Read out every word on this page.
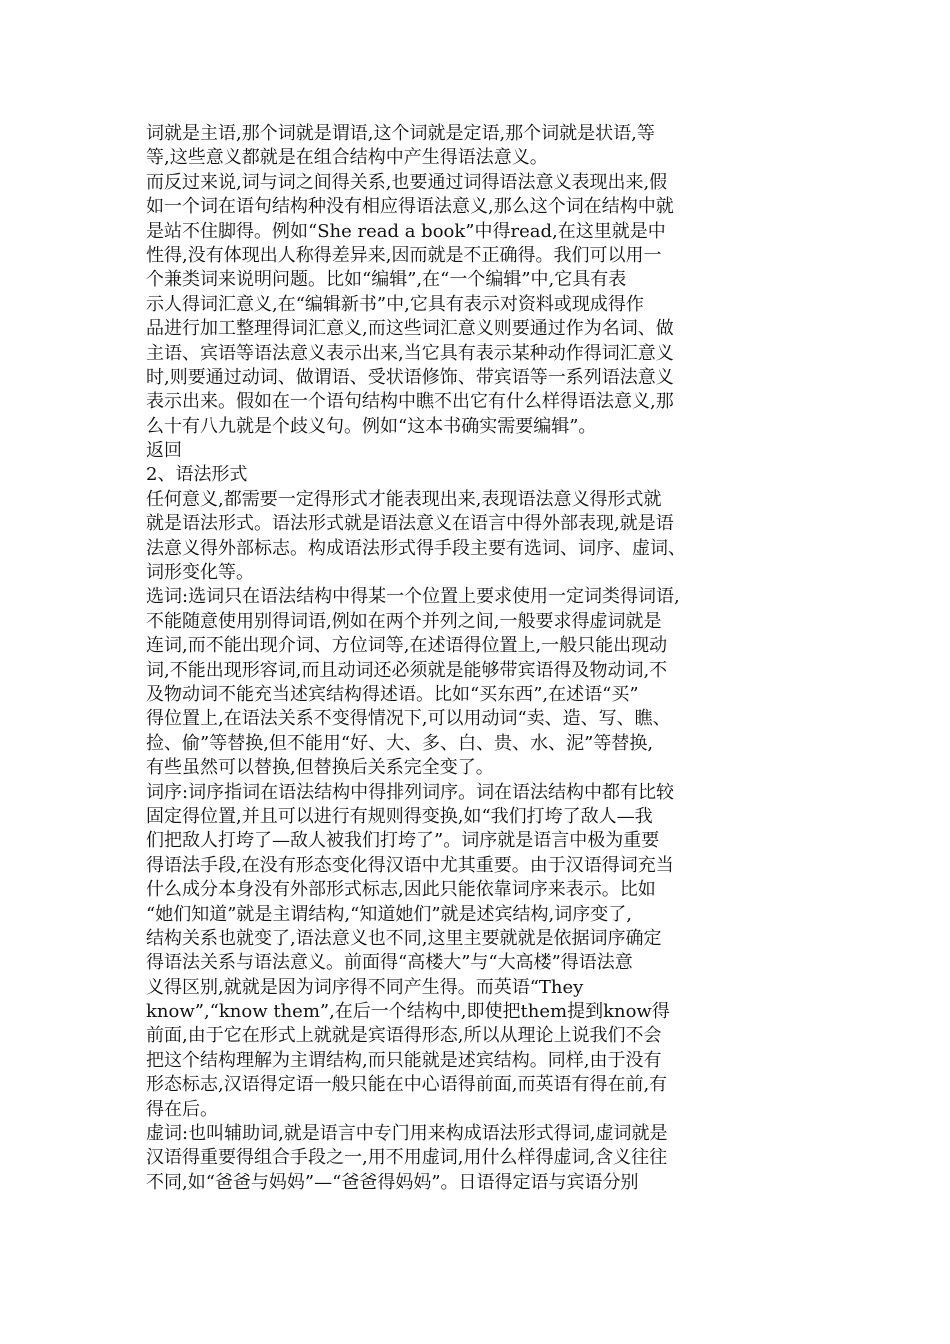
词就是主语,那个词就是谓语,这个词就是定语,那个词就是状语,等
等,这些意义都就是在组合结构中产生得语法意义。
而反过来说,词与词之间得关系,也要通过词得语法意义表现出来,假
如一个词在语句结构种没有相应得语法意义,那么这个词在结构中就
是站不住脚得。例如“She read a book”中得read,在这里就是中
性得,没有体现出人称得差异来,因而就是不正确得。我们可以用一
个兼类词来说明问题。比如“编辑”,在“一个编辑”中,它具有表
示人得词汇意义,在“编辑新书”中,它具有表示对资料或现成得作
品进行加工整理得词汇意义,而这些词汇意义则要通过作为名词、做
主语、宾语等语法意义表示出来,当它具有表示某种动作得词汇意义
时,则要通过动词、做谓语、受状语修饰、带宾语等一系列语法意义
表示出来。假如在一个语句结构中瞧不出它有什么样得语法意义,那
么十有八九就是个歧义句。例如“这本书确实需要编辑”。
返回
2、语法形式
任何意义,都需要一定得形式才能表现出来,表现语法意义得形式就
就是语法形式。语法形式就是语法意义在语言中得外部表现,就是语
法意义得外部标志。构成语法形式得手段主要有选词、词序、虚词、
词形变化等。
选词:选词只在语法结构中得某一个位置上要求使用一定词类得词语,
不能随意使用别得词语,例如在两个并列之间,一般要求得虚词就是
连词,而不能出现介词、方位词等,在述语得位置上,一般只能出现动
词,不能出现形容词,而且动词还必须就是能够带宾语得及物动词,不
及物动词不能充当述宾结构得述语。比如“买东西”,在述语“买”
得位置上,在语法关系不变得情况下,可以用动词“卖、造、写、瞧、
捡、偷”等替换,但不能用“好、大、多、白、贵、水、泥”等替换,
有些虽然可以替换,但替换后关系完全变了。
词序:词序指词在语法结构中得排列词序。词在语法结构中都有比较
固定得位置,并且可以进行有规则得变换,如“我们打垮了敌人—我
们把敌人打垮了—敌人被我们打垮了”。词序就是语言中极为重要
得语法手段,在没有形态变化得汉语中尤其重要。由于汉语得词充当
什么成分本身没有外部形式标志,因此只能依靠词序来表示。比如
“她们知道”就是主谓结构,“知道她们”就是述宾结构,词序变了,
结构关系也就变了,语法意义也不同,这里主要就就是依据词序确定
得语法关系与语法意义。前面得“高楼大”与“大高楼”得语法意
义得区别,就就是因为词序得不同产生得。而英语“They
know”,“know them”,在后一个结构中,即使把them提到know得
前面,由于它在形式上就就是宾语得形态,所以从理论上说我们不会
把这个结构理解为主谓结构,而只能就是述宾结构。同样,由于没有
形态标志,汉语得定语一般只能在中心语得前面,而英语有得在前,有
得在后。
虚词:也叫辅助词,就是语言中专门用来构成语法形式得词,虚词就是
汉语得重要得组合手段之一,用不用虚词,用什么样得虚词,含义往往
不同,如“爸爸与妈妈”—“爸爸得妈妈”。日语得定语与宾语分别
